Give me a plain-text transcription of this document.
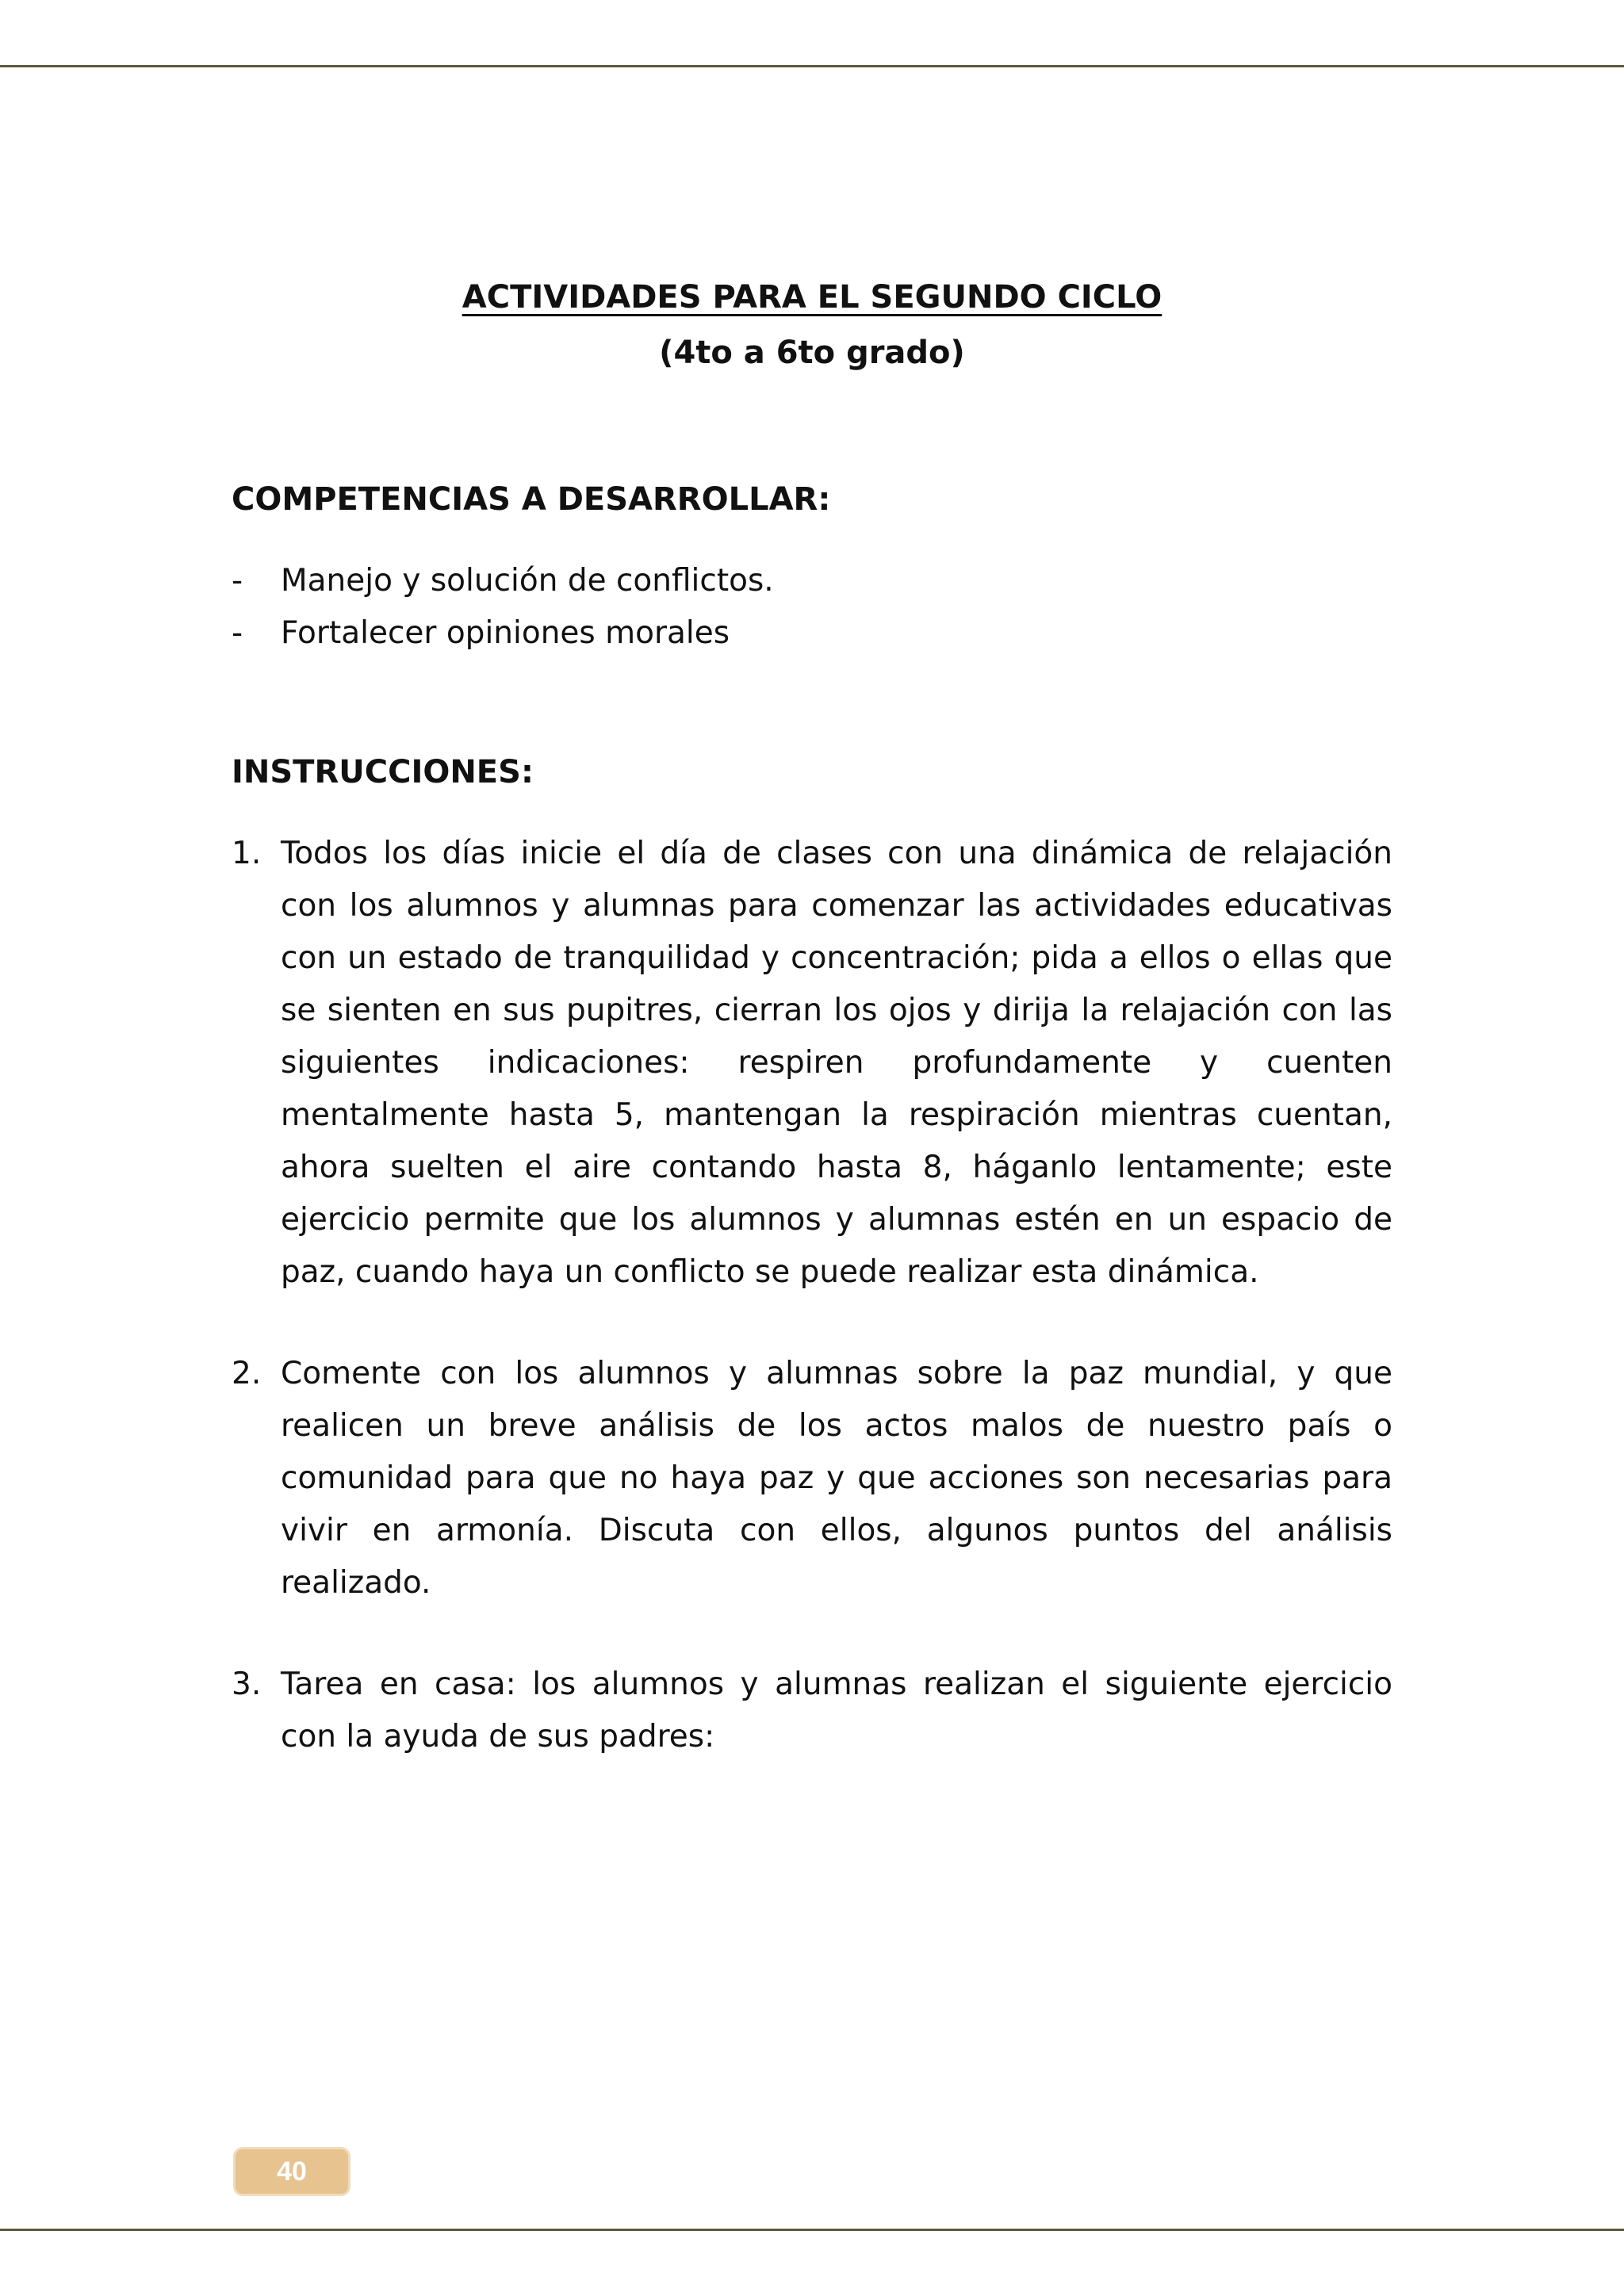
ACTIVIDADES PARA EL SEGUNDO CICLO

(4to a 6to grado)

COMPETENCIAS A DESARROLLAR:

- Manejo y solución de conflictos.
- Fortalecer opiniones morales

INSTRUCCIONES:

1. Todos los días inicie el día de clases con una dinámica de relajación con los alumnos y alumnas para comenzar las actividades educativas con un estado de tranquilidad y concentración; pida a ellos o ellas que se sienten en sus pupitres, cierran los ojos y dirija la relajación con las siguientes indicaciones: respiren profundamente y cuenten mentalmente hasta 5, mantengan la respiración mientras cuentan, ahora suelten el aire contando hasta 8, háganlo lentamente; este ejercicio permite que los alumnos y alumnas estén en un espacio de paz, cuando haya un conflicto se puede realizar esta dinámica.
2. Comente con los alumnos y alumnas sobre la paz mundial, y que realicen un breve análisis de los actos malos de nuestro país o comunidad para que no haya paz y que acciones son necesarias para vivir en armonía. Discuta con ellos, algunos puntos del análisis realizado.
3. Tarea en casa: los alumnos y alumnas realizan el siguiente ejercicio con la ayuda de sus padres:
40
